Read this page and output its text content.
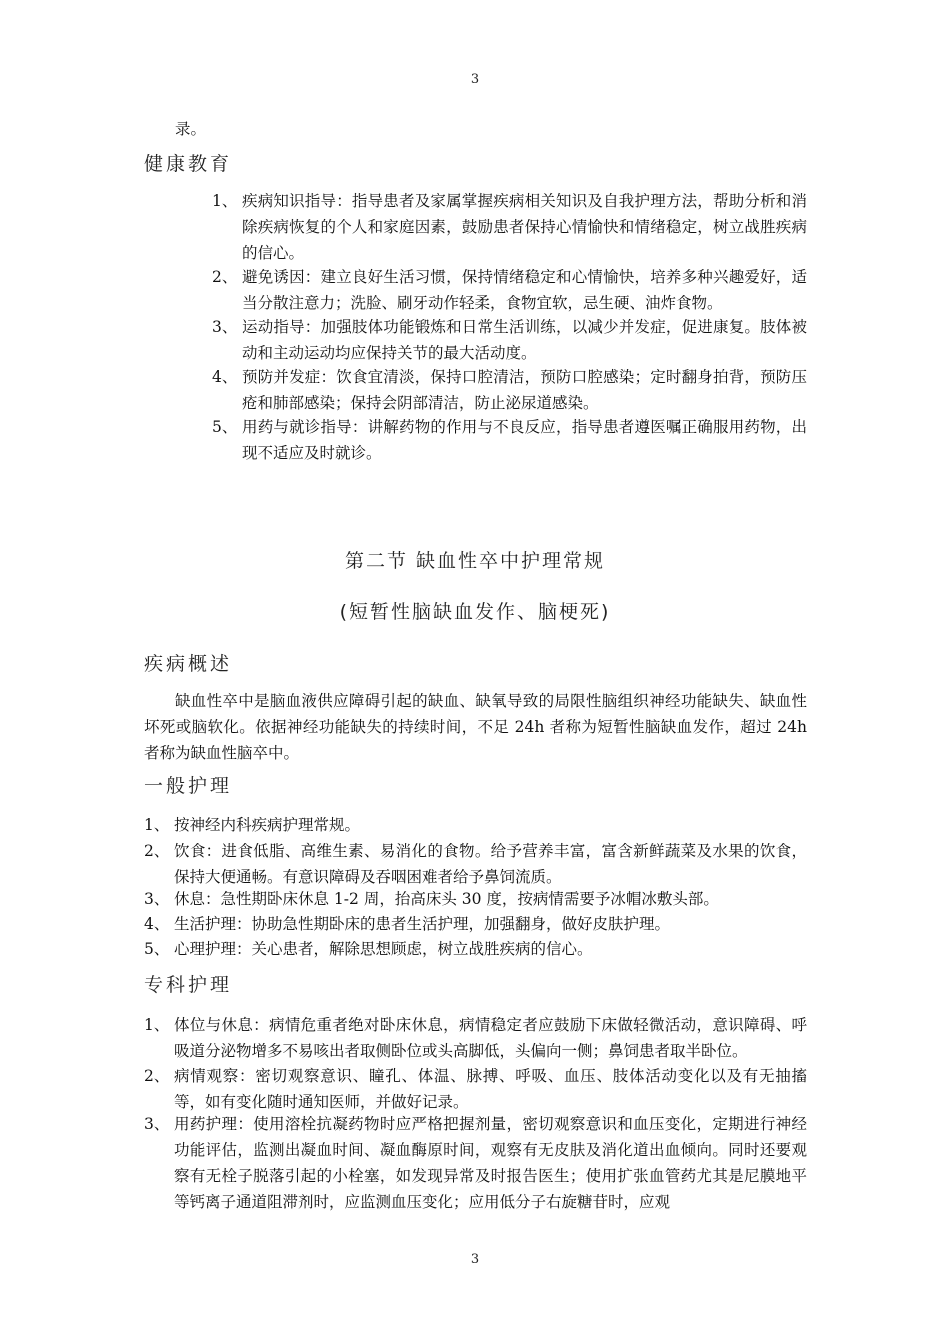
3
录。
健康教育
1、 疾病知识指导：指导患者及家属掌握疾病相关知识及自我护理方法，帮助分析和消除疾病恢复的个人和家庭因素，鼓励患者保持心情愉快和情绪稳定，树立战胜疾病的信心。
2、 避免诱因：建立良好生活习惯，保持情绪稳定和心情愉快，培养多种兴趣爱好，适当分散注意力；洗脸、刷牙动作轻柔，食物宜软，忌生硬、油炸食物。
3、 运动指导：加强肢体功能锻炼和日常生活训练，以减少并发症，促进康复。肢体被动和主动运动均应保持关节的最大活动度。
4、 预防并发症：饮食宜清淡，保持口腔清洁，预防口腔感染；定时翻身拍背，预防压疮和肺部感染；保持会阴部清洁，防止泌尿道感染。
5、 用药与就诊指导：讲解药物的作用与不良反应，指导患者遵医嘱正确服用药物，出现不适应及时就诊。
第二节 缺血性卒中护理常规
(短暂性脑缺血发作、脑梗死)
疾病概述
缺血性卒中是脑血液供应障碍引起的缺血、缺氧导致的局限性脑组织神经功能缺失、缺血性坏死或脑软化。依据神经功能缺失的持续时间，不足 24h 者称为短暂性脑缺血发作，超过 24h 者称为缺血性脑卒中。
一般护理
1、 按神经内科疾病护理常规。
2、 饮食：进食低脂、高维生素、易消化的食物。给予营养丰富，富含新鲜蔬菜及水果的饮食，保持大便通畅。有意识障碍及吞咽困难者给予鼻饲流质。
3、 休息：急性期卧床休息 1-2 周，抬高床头 30 度，按病情需要予冰帽冰敷头部。
4、 生活护理：协助急性期卧床的患者生活护理，加强翻身，做好皮肤护理。
5、 心理护理：关心患者，解除思想顾虑，树立战胜疾病的信心。
专科护理
1、 体位与休息：病情危重者绝对卧床休息，病情稳定者应鼓励下床做轻微活动，意识障碍、呼吸道分泌物增多不易咳出者取侧卧位或头高脚低，头偏向一侧；鼻饲患者取半卧位。
2、 病情观察：密切观察意识、瞳孔、体温、脉搏、呼吸、血压、肢体活动变化以及有无抽搐等，如有变化随时通知医师，并做好记录。
3、 用药护理：使用溶栓抗凝药物时应严格把握剂量，密切观察意识和血压变化，定期进行神经功能评估，监测出凝血时间、凝血酶原时间，观察有无皮肤及消化道出血倾向。同时还要观察有无栓子脱落引起的小栓塞，如发现异常及时报告医生；使用扩张血管药尤其是尼膜地平等钙离子通道阻滞剂时，应监测血压变化；应用低分子右旋糖苷时，应观
3
